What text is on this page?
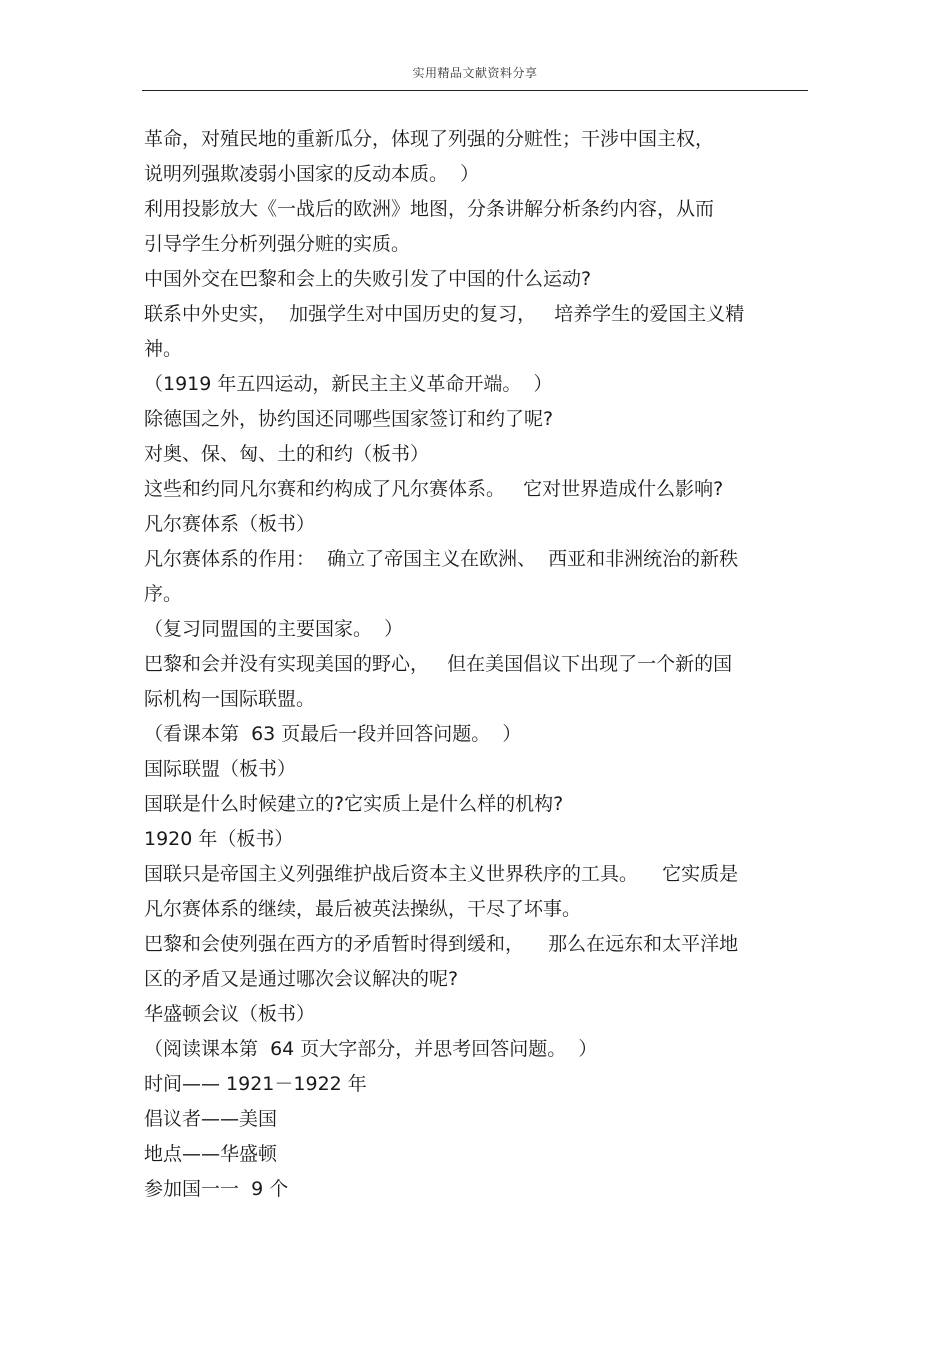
实用精品文献资料分享
革命，对殖民地的重新瓜分，体现了列强的分赃性；干涉中国主权，
说明列强欺凌弱小国家的反动本质。  ）
利用投影放大《一战后的欧洲》地图，分条讲解分析条约内容，从而
引导学生分析列强分赃的实质。
中国外交在巴黎和会上的失败引发了中国的什么运动?
联系中外史实，  加强学生对中国历史的复习，   培养学生的爱国主义精
神。
（1919 年五四运动，新民主主义革命开端。  ）
除德国之外，协约国还同哪些国家签订和约了呢?
对奥、保、匈、土的和约（板书）
这些和约同凡尔赛和约构成了凡尔赛体系。   它对世界造成什么影响?
凡尔赛体系（板书）
凡尔赛体系的作用：  确立了帝国主义在欧洲、  西亚和非洲统治的新秩
序。
（复习同盟国的主要国家。  ）
巴黎和会并没有实现美国的野心，   但在美国倡议下出现了一个新的国
际机构一国际联盟。
（看课本第  63 页最后一段并回答问题。  ）
国际联盟（板书）
国联是什么时候建立的?它实质上是什么样的机构?
1920 年（板书）
国联只是帝国主义列强维护战后资本主义世界秩序的工具。    它实质是
凡尔赛体系的继续，最后被英法操纵，干尽了坏事。
巴黎和会使列强在西方的矛盾暂时得到缓和，    那么在远东和太平洋地
区的矛盾又是通过哪次会议解决的呢?
华盛顿会议（板书）
（阅读课本第  64 页大字部分，并思考回答问题。  ）
时间—— 1921－1922 年
倡议者——美国
地点——华盛顿
参加国一一  9 个
